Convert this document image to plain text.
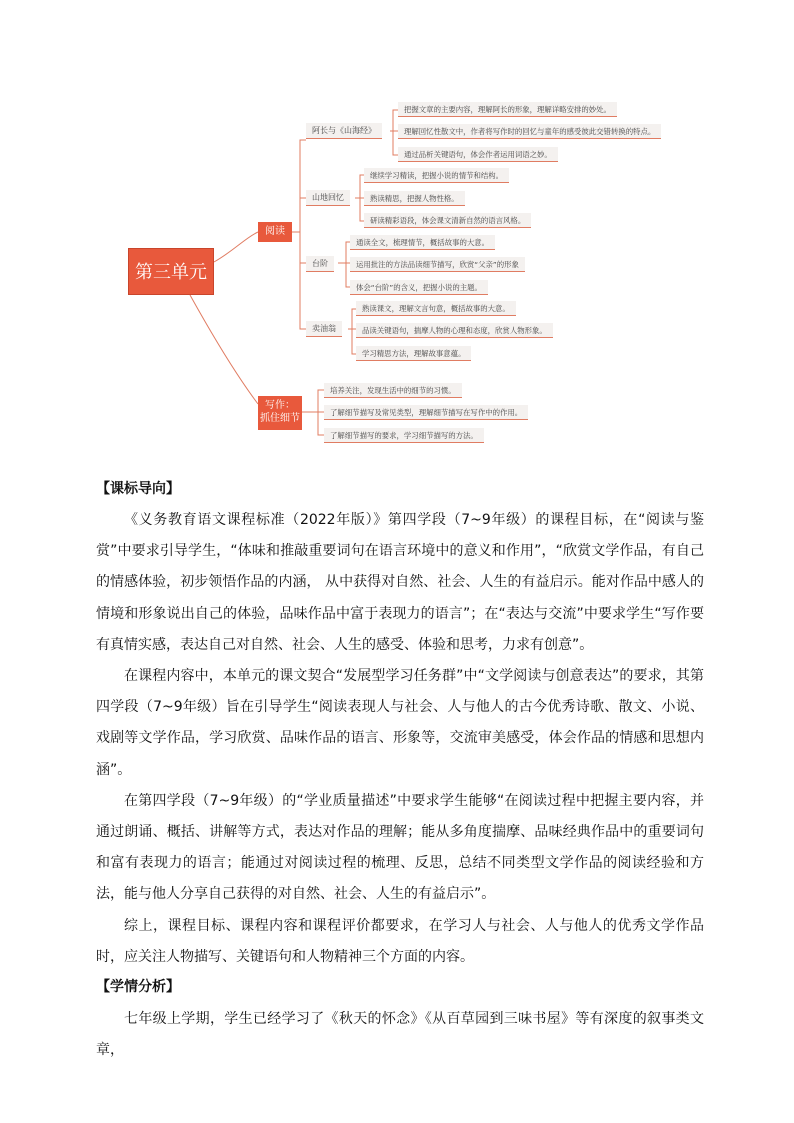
第三单元
阅读
写作：
抓住细节
阿长与《山海经》
把握文章的主要内容，理解阿长的形象，理解详略安排的妙处。
理解回忆性散文中，作者将写作时的回忆与童年的感受彼此交错转换的特点。
通过品析关键语句，体会作者运用词语之妙。
山地回忆
继续学习精读，把握小说的情节和结构。
熟读精思，把握人物性格。
研读精彩语段，体会课文清新自然的语言风格。
台阶
通读全文，梳理情节，概括故事的大意。
运用批注的方法品读细节描写，欣赏“父亲”的形象
体会“台阶”的含义，把握小说的主题。
卖油翁
熟读课文，理解文言句意，概括故事的大意。
品读关键语句，揣摩人物的心理和态度，欣赏人物形象。
学习精思方法，理解故事意蕴。
培养关注，发现生活中的细节的习惯。
了解细节描写及常见类型，理解细节描写在写作中的作用。
了解细节描写的要求，学习细节描写的方法。
【课标导向】

《义务教育语文课程标准（2022年版）》第四学段（7~9年级）的课程目标，在“阅读与鉴赏”中要求引导学生，“体味和推敲重要词句在语言环境中的意义和作用”，“欣赏文学作品，有自己的情感体验，初步领悟作品的内涵， 从中获得对自然、社会、人生的有益启示。能对作品中感人的情境和形象说出自己的体验，品味作品中富于表现力的语言”；在“表达与交流”中要求学生“写作要有真情实感，表达自己对自然、社会、人生的感受、体验和思考，力求有创意”。

在课程内容中，本单元的课文契合“发展型学习任务群”中“文学阅读与创意表达”的要求，其第四学段（7~9年级）旨在引导学生“阅读表现人与社会、人与他人的古今优秀诗歌、散文、小说、戏剧等文学作品，学习欣赏、品味作品的语言、形象等，交流审美感受，体会作品的情感和思想内涵”。

在第四学段（7~9年级）的“学业质量描述”中要求学生能够“在阅读过程中把握主要内容，并通过朗诵、概括、讲解等方式，表达对作品的理解；能从多角度揣摩、品味经典作品中的重要词句和富有表现力的语言；能通过对阅读过程的梳理、反思，总结不同类型文学作品的阅读经验和方法，能与他人分享自己获得的对自然、社会、人生的有益启示”。

综上，课程目标、课程内容和课程评价都要求，在学习人与社会、人与他人的优秀文学作品时，应关注人物描写、关键语句和人物精神三个方面的内容。

【学情分析】

七年级上学期，学生已经学习了《秋天的怀念》《从百草园到三味书屋》等有深度的叙事类文章，
